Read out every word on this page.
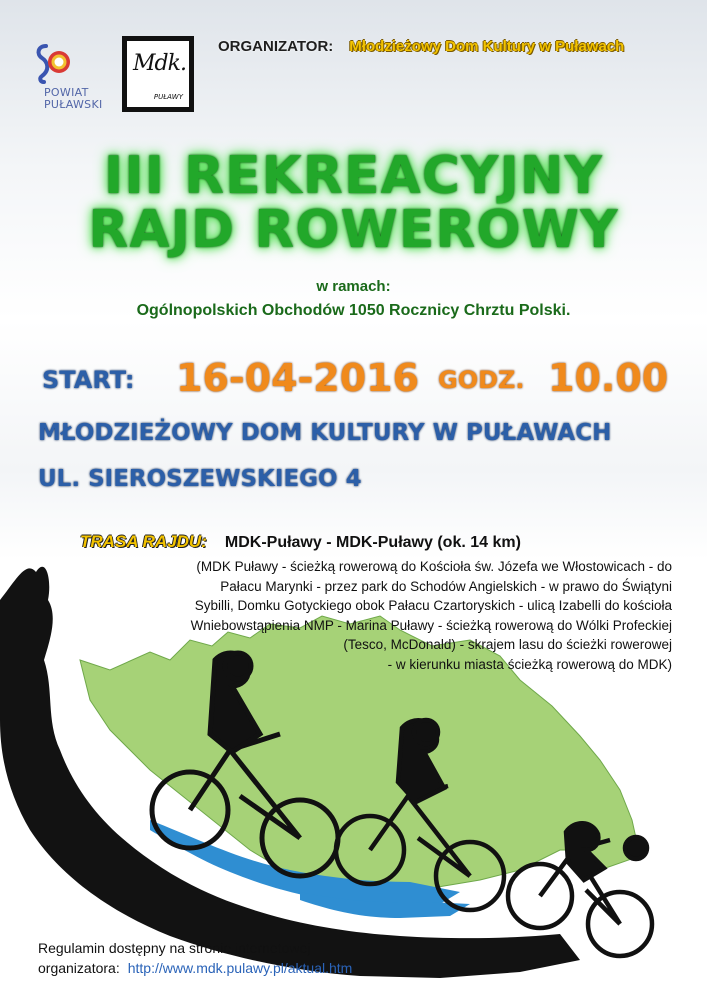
POWIAT
PUŁAWSKI
Mdk.
PUŁAWY
ORGANIZATOR: Młodzieżowy Dom Kultury w Puławach
III REKREACYJNY
RAJD ROWEROWY
w ramach:
Ogólnopolskich Obchodów 1050 Rocznicy Chrztu Polski.
START: 16-04-2016 GODZ. 10.00
MŁODZIEŻOWY DOM KULTURY W PUŁAWACH
UL. SIEROSZEWSKIEGO 4
TRASA RAJDU: MDK-Puławy - MDK-Puławy (ok. 14 km)
(MDK Puławy - ścieżką rowerową do Kościoła św. Józefa we Włostowicach - do
Pałacu Marynki - przez park do Schodów Angielskich - w prawo do Świątyni
Sybilli, Domku Gotyckiego obok Pałacu Czartoryskich - ulicą Izabelli do kościoła
Wniebowstąpienia NMP - Marina Puławy - ścieżką rowerową do Wólki Profeckiej
(Tesco, McDonald) - skrajem lasu do ścieżki rowerowej
- w kierunku miasta ścieżką rowerową do MDK)
Regulamin dostępny na stronie internetowej
organizatora: http://www.mdk.pulawy.pl/aktual.htm
